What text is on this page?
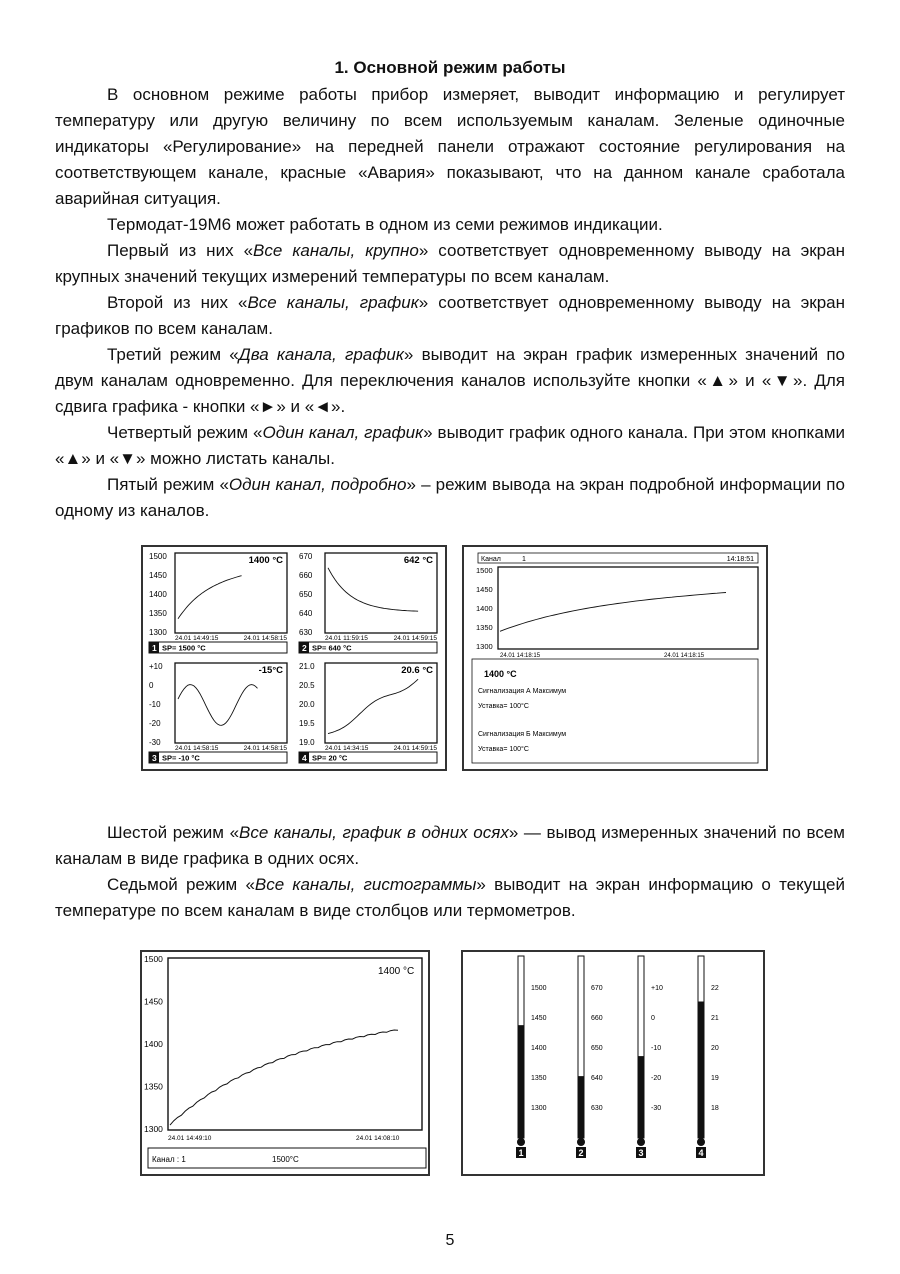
1. Основной режим работы

В основном режиме работы прибор измеряет, выводит информацию и регулирует температуру или другую величину по всем используемым каналам. Зеленые одиночные индикаторы «Регулирование» на передней панели отражают состояние регулирования на соответствующем канале, красные «Авария» показывают, что на данном канале сработала аварийная ситуация.

Термодат-19М6 может работать в одном из семи режимов индикации.

Первый из них «Все каналы, крупно» соответствует одновременному выводу на экран крупных значений текущих измерений температуры по всем каналам.

Второй из них «Все каналы, график» соответствует одновременному выводу на экран графиков по всем каналам.

Третий режим «Два канала, график» выводит на экран график измеренных значений по двум каналам одновременно. Для переключения каналов используйте кнопки «▲» и «▼». Для сдвига графика - кнопки «►» и «◄».

Четвертый режим «Один канал, график» выводит график одного канала. При этом кнопками «▲» и «▼» можно листать каналы.

Пятый режим «Один канал, подробно» – режим вывода на экран подробной информации по одному из каналов.

1500
1450
1400
1350
1300
1400 °C
24.01 14:49:15	24.01 14:58:15
1 SP= 1500 °C
670
660
650
640
630
642 °C
24.01 11:59:15	24.01 14:59:15
2 SP= 640 °C
+10
0
-10
-20
-30
-15°C
24.01 14:58:15	24.01 14:58:15
3 SP= -10 °C
21.0
20.5
20.0
19.5
19.0
20.6 °C
24.01 14:34:15	24.01 14:59:15
4 SP= 20 °C
Канал	1	14:18:51
1500
1450
1400
1350
1300
24.01 14:18:15	24.01 14:18:15
1400 °C
Сигнализация А Максимум
Уставка= 100°C
Сигнализация Б Максимум
Уставка= 100°C

Шестой режим «Все каналы, график в одних осях» — вывод измеренных значений по всем каналам в виде графика в одних осях.

Седьмой режим «Все каналы, гистограммы» выводит на экран информацию о текущей температуре по всем каналам в виде столбцов или термометров.

1500
1450
1400
1350
1300
1400 °C
24.01 14:49:10	24.01 14:08:10
Канал : 1	1500°C
1500
1450
1400
1350
1300
1
670
660
650
640
630
2
+10
0
-10
-20
-30
3
22
21
20
19
18
4
5
